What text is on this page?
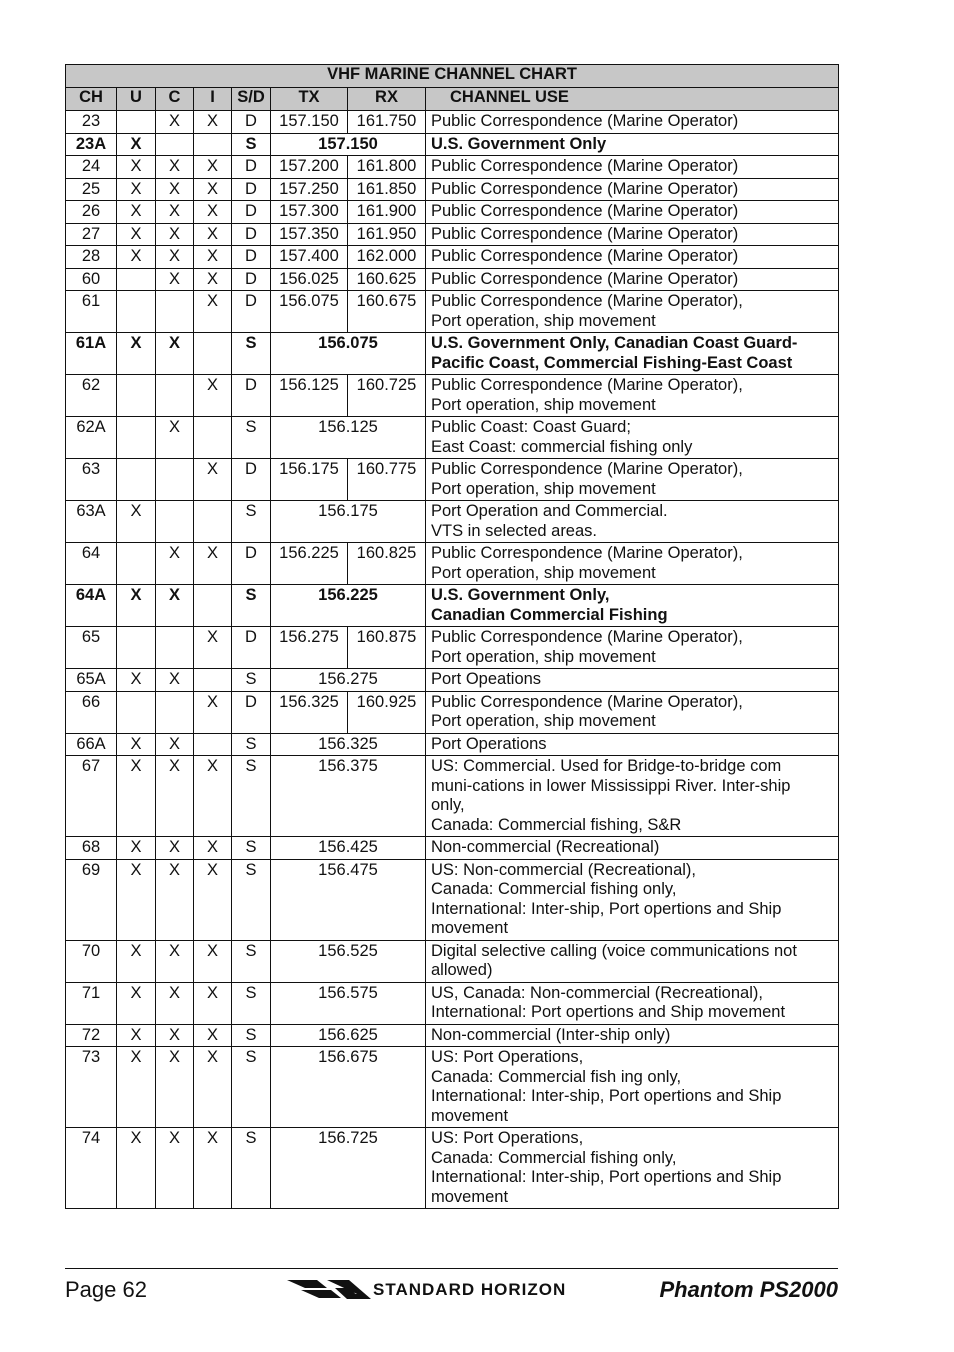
VHF MARINE CHANNEL CHART							
CH	U	C	I	S/D	TX	RX	CHANNEL USE
23		X	X	D	157.150	161.750	Public Correspondence (Marine Operator)
23A	X			S	157.150		U.S. Government Only
24	X	X	X	D	157.200	161.800	Public Correspondence (Marine Operator)
25	X	X	X	D	157.250	161.850	Public Correspondence (Marine Operator)
26	X	X	X	D	157.300	161.900	Public Correspondence (Marine Operator)
27	X	X	X	D	157.350	161.950	Public Correspondence (Marine Operator)
28	X	X	X	D	157.400	162.000	Public Correspondence (Marine Operator)
60		X	X	D	156.025	160.625	Public Correspondence (Marine Operator)
61			X	D	156.075	160.675	Public Correspondence (Marine Operator),
Port operation, ship movement
61A	X	X		S	156.075		U.S. Government Only, Canadian Coast Guard-
Pacific Coast, Commercial Fishing-East Coast
62			X	D	156.125	160.725	Public Correspondence (Marine Operator),
Port operation, ship movement
62A		X		S	156.125		Public Coast: Coast Guard;
East Coast: commercial fishing only
63			X	D	156.175	160.775	Public Correspondence (Marine Operator),
Port operation, ship movement
63A	X			S	156.175		Port Operation and Commercial.
VTS in selected areas.
64		X	X	D	156.225	160.825	Public Correspondence (Marine Operator),
Port operation, ship movement
64A	X	X		S	156.225		U.S. Government Only,
Canadian Commercial Fishing
65			X	D	156.275	160.875	Public Correspondence (Marine Operator),
Port operation, ship movement
65A	X	X		S	156.275		Port Opeations
66			X	D	156.325	160.925	Public Correspondence (Marine Operator),
Port operation, ship movement
66A	X	X		S	156.325		Port Operations
67	X	X	X	S	156.375		US: Commercial. Used for Bridge-to-bridge com
muni-cations in lower Mississippi River. Inter-ship
only,
Canada: Commercial fishing, S&R
68	X	X	X	S	156.425		Non-commercial (Recreational)
69	X	X	X	S	156.475		US: Non-commercial (Recreational),
Canada: Commercial fishing only,
International: Inter-ship, Port opertions and Ship
movement
70	X	X	X	S	156.525		Digital selective calling (voice communications not
allowed)
71	X	X	X	S	156.575		US, Canada: Non-commercial (Recreational),
International: Port opertions and Ship movement
72	X	X	X	S	156.625		Non-commercial (Inter-ship only)
73	X	X	X	S	156.675		US: Port Operations,
Canada: Commercial fish ing only,
International: Inter-ship, Port opertions and Ship
movement
74	X	X	X	S	156.725		US: Port Operations,
Canada: Commercial fishing only,
International: Inter-ship, Port opertions and Ship
movement
Page 62	STANDARD HORIZON	Phantom PS2000
